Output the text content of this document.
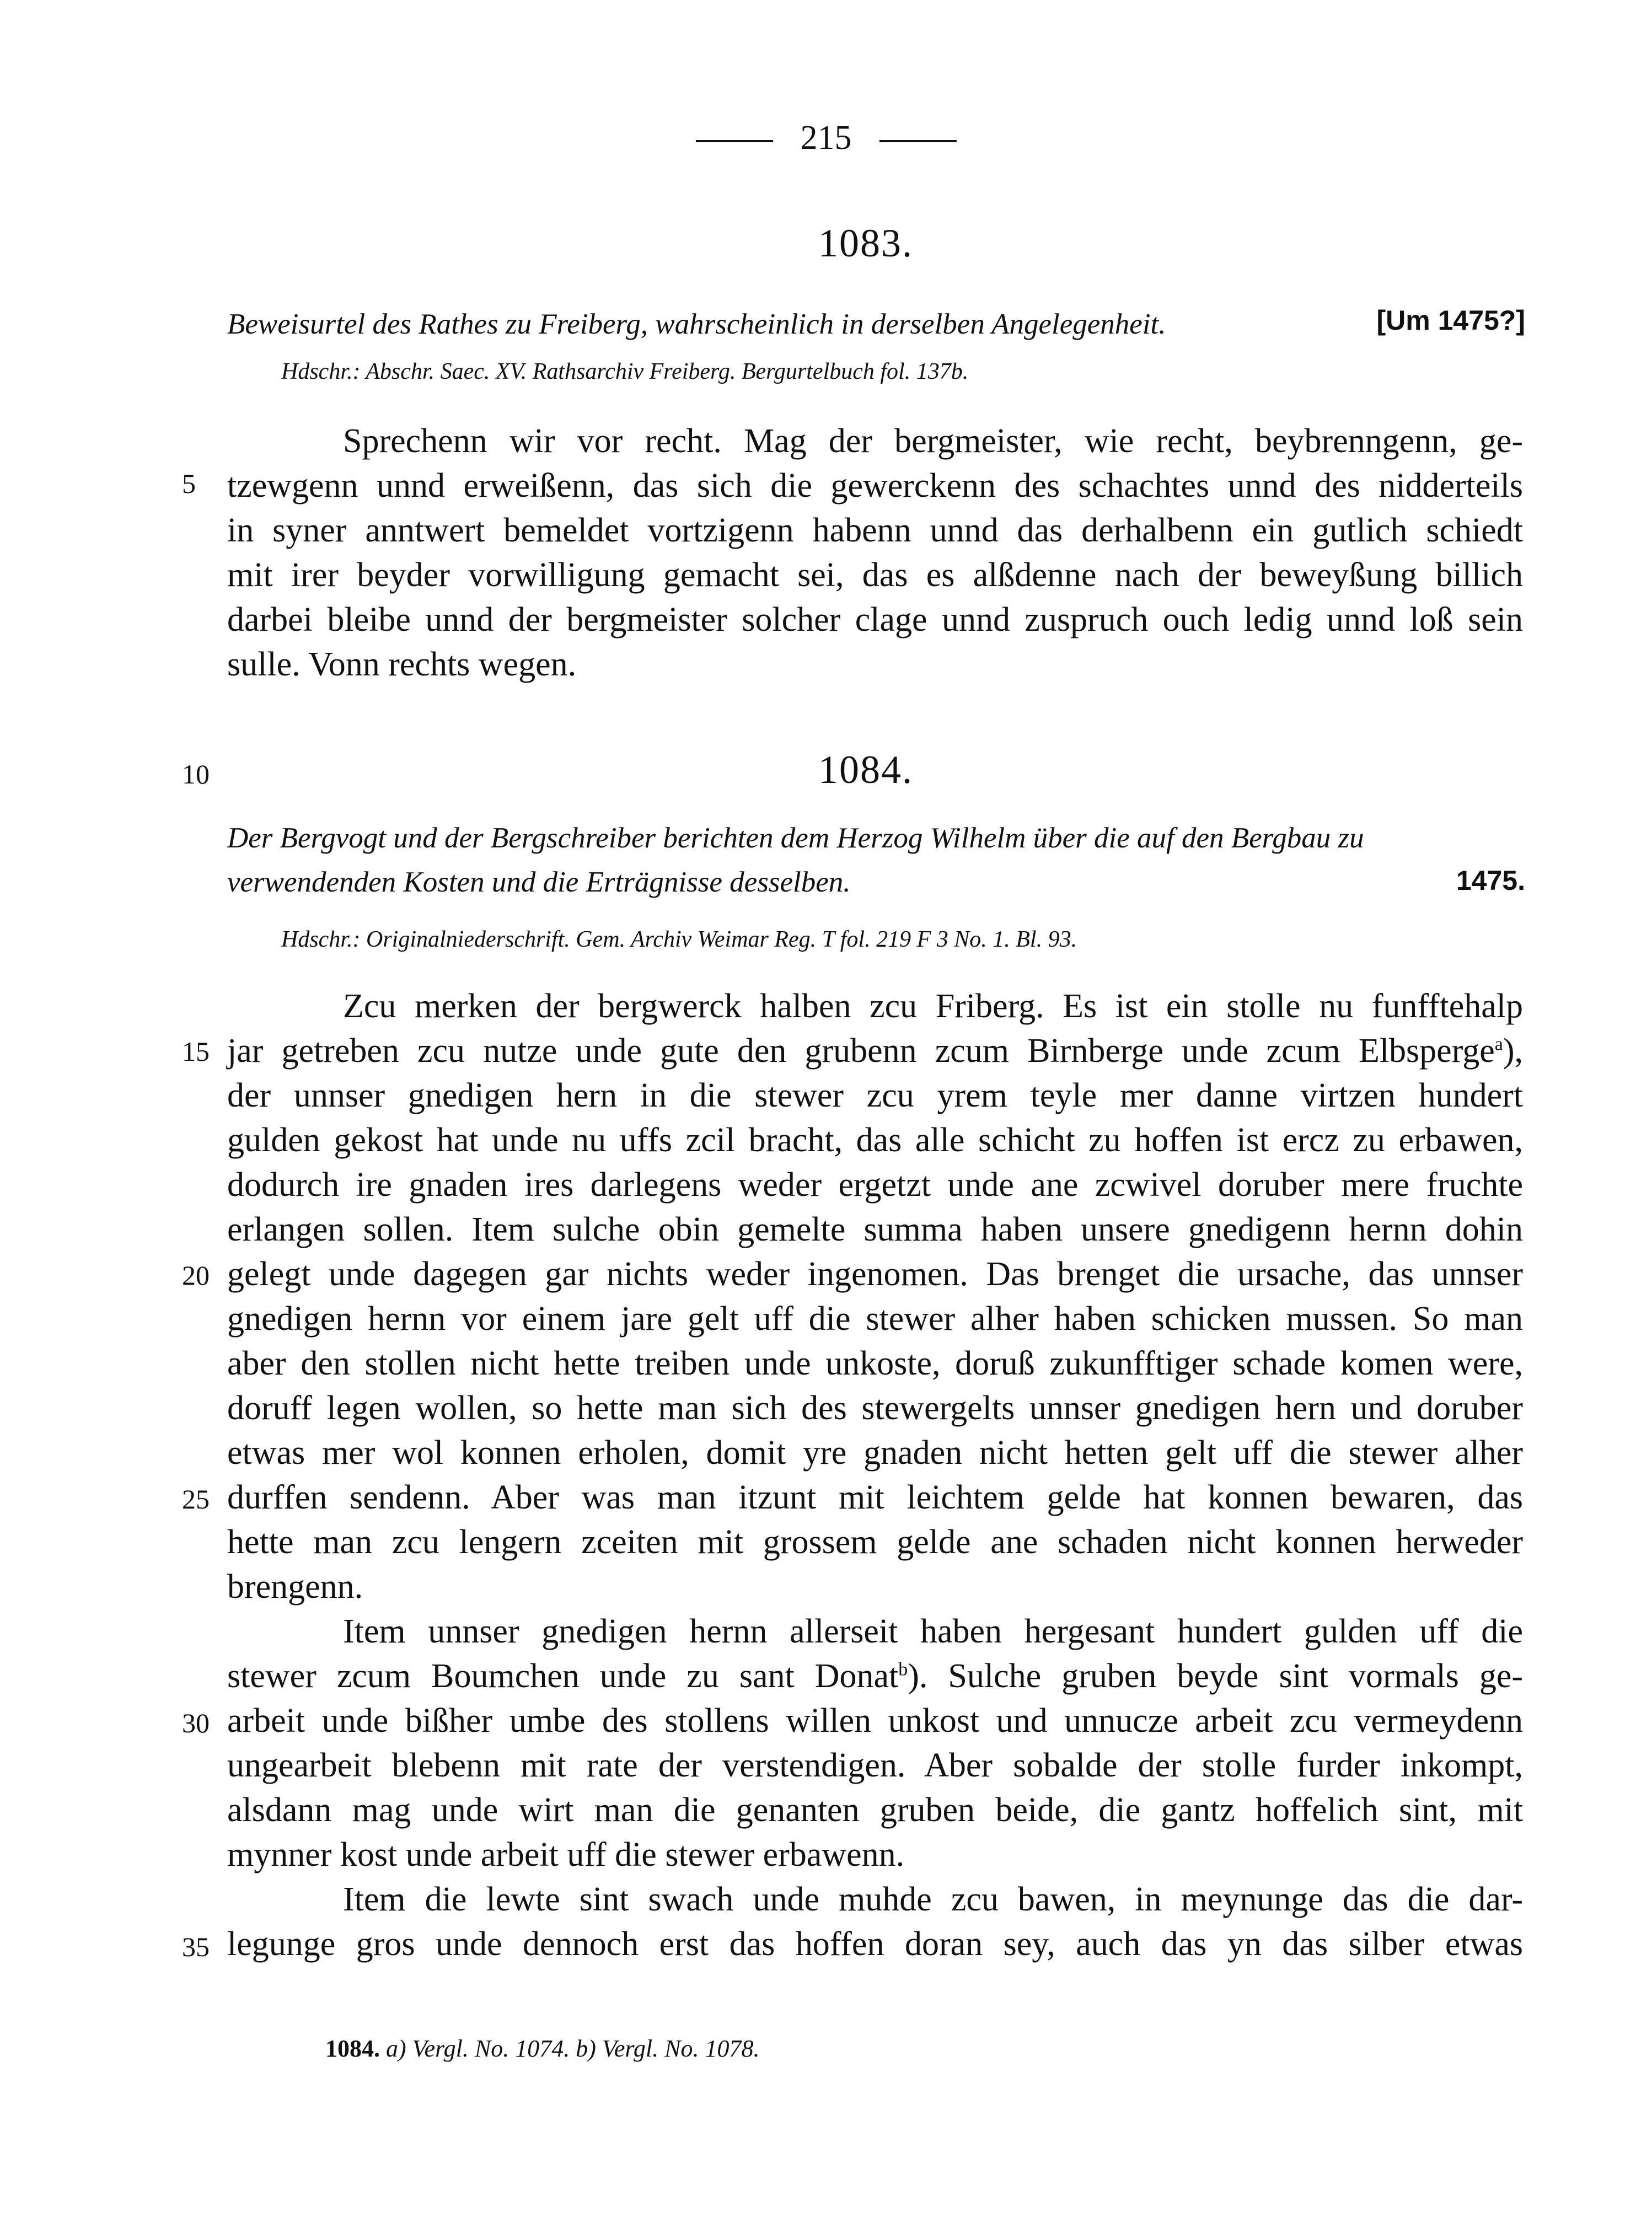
215
1083.
Beweisurtel des Rathes zu Freiberg, wahrscheinlich in derselben Angelegenheit.	[Um 1475?]
Hdschr.: Abschr. Saec. XV. Rathsarchiv Freiberg. Bergurtelbuch fol. 137b.
Sprechenn wir vor recht. Mag der bergmeister, wie recht, beybrenngenn, ge-
tzewgenn unnd erweißenn, das sich die gewerckenn des schachtes unnd des nidderteils
in syner anntwert bemeldet vortzigenn habenn unnd das derhalbenn ein gutlich schiedt
mit irer beyder vorwilligung gemacht sei, das es alßdenne nach der beweyßung billich
darbei bleibe unnd der bergmeister solcher clage unnd zuspruch ouch ledig unnd loß sein
sulle. Vonn rechts wegen.
1084.
Der Bergvogt und der Bergschreiber berichten dem Herzog Wilhelm über die auf den Bergbau zu
verwendenden Kosten und die Erträgnisse desselben.	1475.
Hdschr.: Originalniederschrift. Gem. Archiv Weimar Reg. T fol. 219 F 3 No. 1. Bl. 93.
Zcu merken der bergwerck halben zcu Friberg. Es ist ein stolle nu funfftehalp
jar getreben zcu nutze unde gute den grubenn zcum Birnberge unde zcum Elbsperge$^a$),
der unnser gnedigen hern in die stewer zcu yrem teyle mer danne virtzen hundert
gulden gekost hat unde nu uffs zcil bracht, das alle schicht zu hoffen ist ercz zu erbawen,
dodurch ire gnaden ires darlegens weder ergetzt unde ane zcwivel doruber mere fruchte
erlangen sollen. Item sulche obin gemelte summa haben unsere gnedigenn hernn dohin
gelegt unde dagegen gar nichts weder ingenomen. Das brenget die ursache, das unnser
gnedigen hernn vor einem jare gelt uff die stewer alher haben schicken mussen. So man
aber den stollen nicht hette treiben unde unkoste, doruß zukunfftiger schade komen were,
doruff legen wollen, so hette man sich des stewergelts unnser gnedigen hern und doruber
etwas mer wol konnen erholen, domit yre gnaden nicht hetten gelt uff die stewer alher
durffen sendenn. Aber was man itzunt mit leichtem gelde hat konnen bewaren, das
hette man zcu lengern zceiten mit grossem gelde ane schaden nicht konnen herweder
brengenn.
Item unnser gnedigen hernn allerseit haben hergesant hundert gulden uff die
stewer zcum Boumchen unde zu sant Donat$^b$). Sulche gruben beyde sint vormals ge-
arbeit unde bißher umbe des stollens willen unkost und unnucze arbeit zcu vermeydenn
ungearbeit blebenn mit rate der verstendigen. Aber sobalde der stolle furder inkompt,
alsdann mag unde wirt man die genanten gruben beide, die gantz hoffelich sint, mit
mynner kost unde arbeit uff die stewer erbawenn.
Item die lewte sint swach unde muhde zcu bawen, in meynunge das die dar-
legunge gros unde dennoch erst das hoffen doran sey, auch das yn das silber etwas
5
10
15
20
25
30
35
1084. a) Vergl. No. 1074. b) Vergl. No. 1078.
